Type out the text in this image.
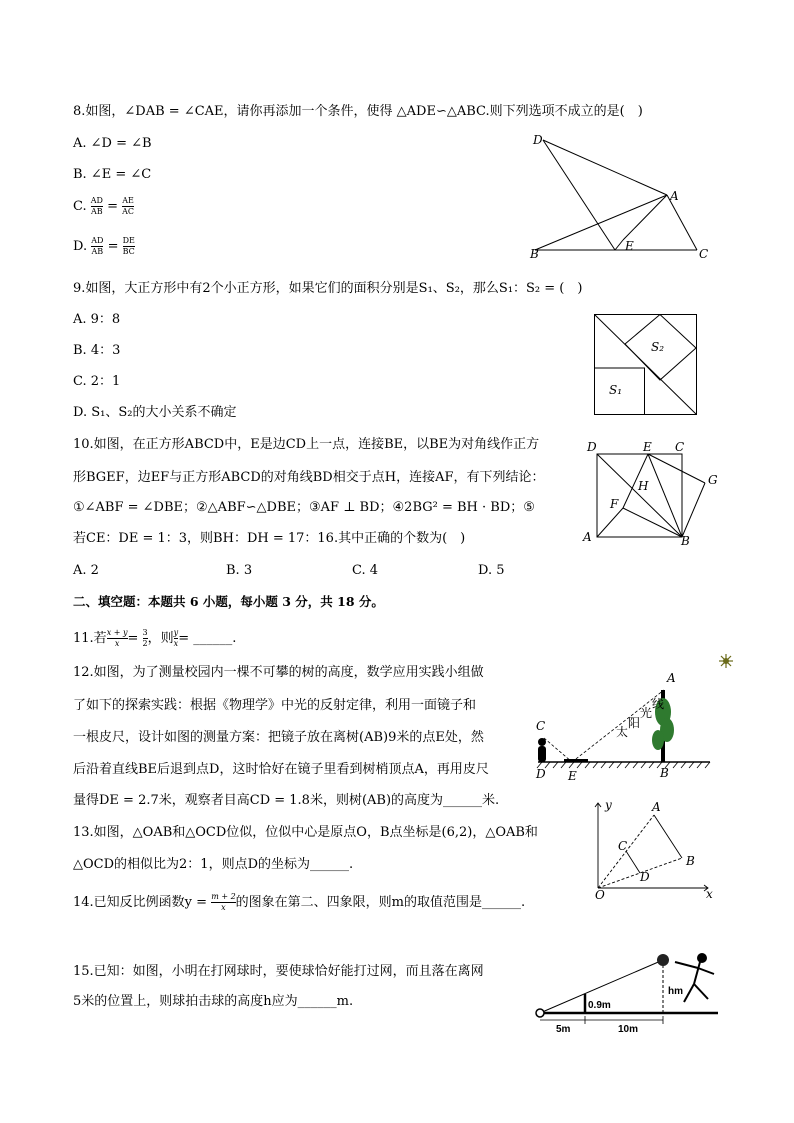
8.如图，∠DAB = ∠CAE，请你再添加一个条件，使得 △ADE∽△ABC.则下列选项不成立的是(　)
A. ∠D = ∠B
B. ∠E = ∠C
C. $\frac{AD}{AB} = \frac{AE}{AC}$
D. $\frac{AD}{AB} = \frac{DE}{BC}$
D
A
B
E
C
9.如图，大正方形中有2个小正方形，如果它们的面积分别是S₁、S₂，那么S₁：S₂ = (　)
A. 9：8
B. 4：3
C. 2：1
D. S₁、S₂的大小关系不确定
S₂
S₁
10.如图，在正方形ABCD中，E是边CD上一点，连接BE，以BE为对角线作正方
形BGEF，边EF与正方形ABCD的对角线BD相交于点H，连接AF，有下列结论：
①∠ABF = ∠DBE；②△ABF∽△DBE；③AF ⊥ BD；④2BG² = BH · BD；⑤
若CE：DE = 1：3，则BH：DH = 17：16.其中正确的个数为(　)
A. 2	B. 3	C. 4	D. 5
D	E C
G
H
F
A	B
二、填空题：本题共 6 小题，每小题 3 分，共 18 分。
11.若 $\frac{x + y}{x} = \frac{3}{2}$ ，则 $\frac{y}{x}$ = ______.
12.如图，为了测量校园内一棵不可攀的树的高度，数学应用实践小组做
了如下的探索实践：根据《物理学》中光的反射定律，利用一面镜子和
一根皮尺，设计如图的测量方案：把镜子放在离树(AB)9米的点E处，然
后沿着直线BE后退到点D，这时恰好在镜子里看到树梢顶点A，再用皮尺
量得DE = 2.7米，观察者目高CD = 1.8米，则树(AB)的高度为______米.
C
D E	B
A
太
阳
光
线
13.如图，△OAB和△OCD位似，位似中心是原点O，B点坐标是(6,2)，△OAB和
△OCD的相似比为2：1，则点D的坐标为______.
y
x
O
A
B
C
D
14.已知反比例函数$y = \frac{m + 2}{x}$ 的图象在第二、四象限，则m的取值范围是______.
15.已知：如图，小明在打网球时，要使球恰好能打过网，而且落在离网
5米的位置上，则球拍击球的高度h应为______m.	0.9m
hm
5m	10m
